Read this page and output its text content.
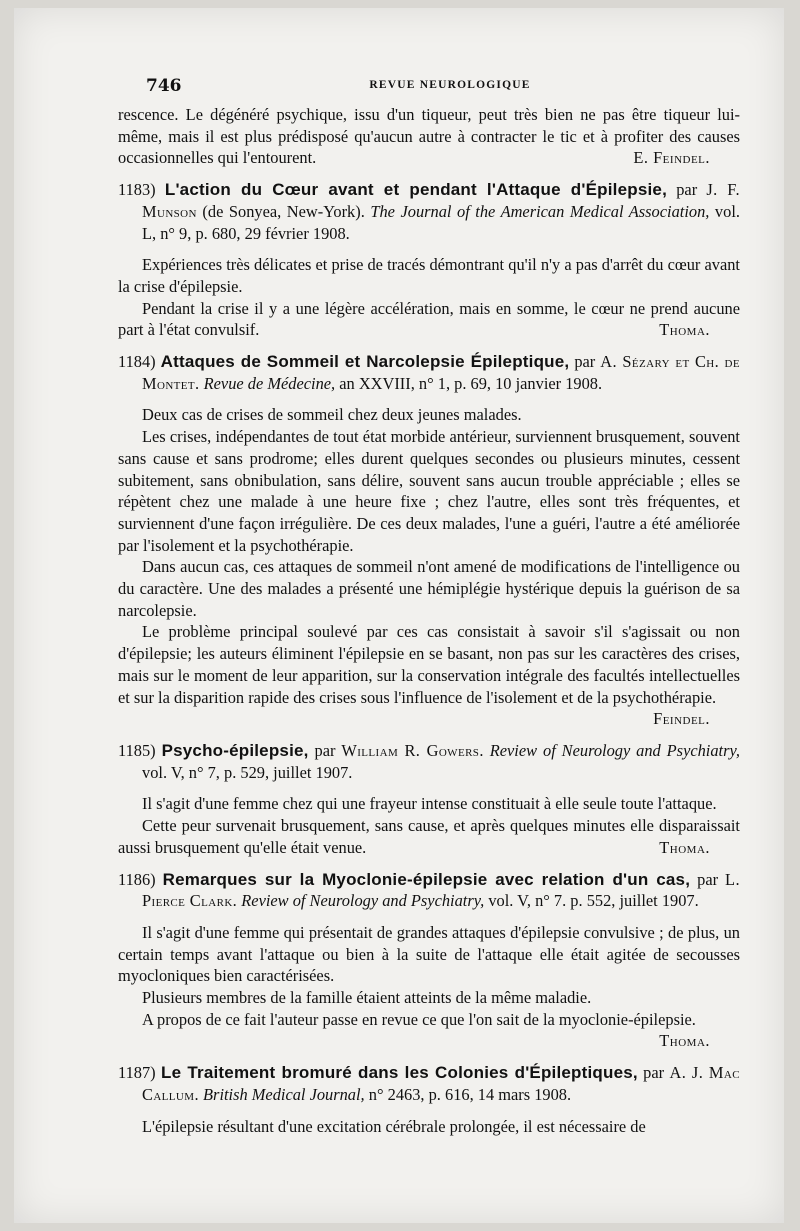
746	REVUE NEUROLOGIQUE

rescence. Le dégénéré psychique, issu d'un tiqueur, peut très bien ne pas être tiqueur lui-même, mais il est plus prédisposé qu'aucun autre à contracter le tic et à profiter des causes occasionnelles qui l'entourent.	E. Feindel.

1183) L'action du Cœur avant et pendant l'Attaque d'Épilepsie, par J. F. Munson (de Sonyea, New-York). The Journal of the American Medical Association, vol. L, n° 9, p. 680, 29 février 1908.

Expériences très délicates et prise de tracés démontrant qu'il n'y a pas d'arrêt du cœur avant la crise d'épilepsie.

Pendant la crise il y a une légère accélération, mais en somme, le cœur ne prend aucune part à l'état convulsif.	Thoma.

1184) Attaques de Sommeil et Narcolepsie Épileptique, par A. Sézary et Ch. de Montet. Revue de Médecine, an XXVIII, n° 1, p. 69, 10 janvier 1908.

Deux cas de crises de sommeil chez deux jeunes malades.

Les crises, indépendantes de tout état morbide antérieur, surviennent brusquement, souvent sans cause et sans prodrome; elles durent quelques secondes ou plusieurs minutes, cessent subitement, sans obnibulation, sans délire, souvent sans aucun trouble appréciable ; elles se répètent chez une malade à une heure fixe ; chez l'autre, elles sont très fréquentes, et surviennent d'une façon irrégulière. De ces deux malades, l'une a guéri, l'autre a été améliorée par l'isolement et la psychothérapie.

Dans aucun cas, ces attaques de sommeil n'ont amené de modifications de l'intelligence ou du caractère. Une des malades a présenté une hémiplégie hystérique depuis la guérison de sa narcolepsie.

Le problème principal soulevé par ces cas consistait à savoir s'il s'agissait ou non d'épilepsie; les auteurs éliminent l'épilepsie en se basant, non pas sur les caractères des crises, mais sur le moment de leur apparition, sur la conservation intégrale des facultés intellectuelles et sur la disparition rapide des crises sous l'influence de l'isolement et de la psychothérapie.
Feindel.

1185) Psycho-épilepsie, par William R. Gowers. Review of Neurology and Psychiatry, vol. V, n° 7, p. 529, juillet 1907.

Il s'agit d'une femme chez qui une frayeur intense constituait à elle seule toute l'attaque.

Cette peur survenait brusquement, sans cause, et après quelques minutes elle disparaissait aussi brusquement qu'elle était venue.	Thoma.

1186) Remarques sur la Myoclonie-épilepsie avec relation d'un cas, par L. Pierce Clark. Review of Neurology and Psychiatry, vol. V, n° 7. p. 552, juillet 1907.

Il s'agit d'une femme qui présentait de grandes attaques d'épilepsie convulsive ; de plus, un certain temps avant l'attaque ou bien à la suite de l'attaque elle était agitée de secousses myocloniques bien caractérisées.

Plusieurs membres de la famille étaient atteints de la même maladie.

A propos de ce fait l'auteur passe en revue ce que l'on sait de la myoclonie-épilepsie.
Thoma.

1187) Le Traitement bromuré dans les Colonies d'Épileptiques, par A. J. Mac Callum. British Medical Journal, n° 2463, p. 616, 14 mars 1908.

L'épilepsie résultant d'une excitation cérébrale prolongée, il est nécessaire de
